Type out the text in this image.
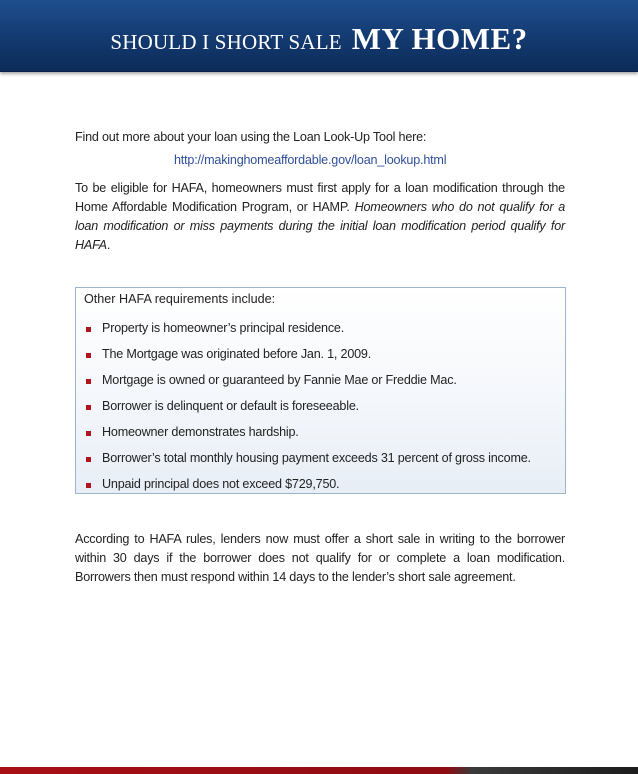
SHOULD I SHORT SALE MY HOME?

Find out more about your loan using the Loan Look-Up Tool here:

http://makinghomeaffordable.gov/loan_lookup.html

To be eligible for HAFA, homeowners must first apply for a loan modification through the Home Affordable Modification Program, or HAMP. Homeowners who do not qualify for a loan modification or miss payments during the initial loan modification period qualify for HAFA.

Other HAFA requirements include:
Property is homeowner’s principal residence.
The Mortgage was originated before Jan. 1, 2009.
Mortgage is owned or guaranteed by Fannie Mae or Freddie Mac.
Borrower is delinquent or default is foreseeable.
Homeowner demonstrates hardship.
Borrower’s total monthly housing payment exceeds 31 percent of gross income.
Unpaid principal does not exceed $729,750.

According to HAFA rules, lenders now must offer a short sale in writing to the borrower within 30 days if the borrower does not qualify for or complete a loan modification. Borrowers then must respond within 14 days to the lender’s short sale agreement.
